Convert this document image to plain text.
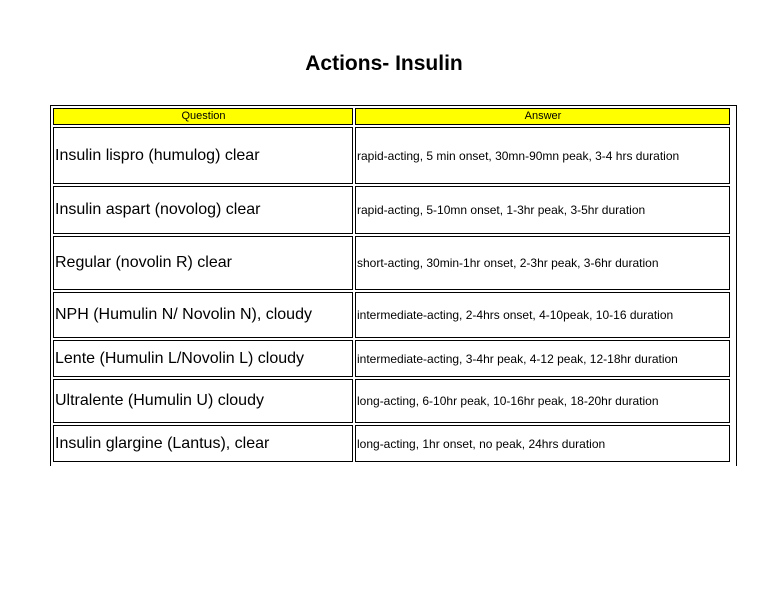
Actions- Insulin
Question	Answer
Insulin lispro (humulog) clear	rapid-acting, 5 min onset, 30mn-90mn peak, 3-4 hrs duration
Insulin aspart (novolog) clear	rapid-acting, 5-10mn onset, 1-3hr peak, 3-5hr duration
Regular (novolin R) clear	short-acting, 30min-1hr onset, 2-3hr peak, 3-6hr duration
NPH (Humulin N/ Novolin N), cloudy	intermediate-acting, 2-4hrs onset, 4-10peak, 10-16 duration
Lente (Humulin L/Novolin L) cloudy	intermediate-acting, 3-4hr peak, 4-12 peak, 12-18hr duration
Ultralente (Humulin U) cloudy	long-acting, 6-10hr peak, 10-16hr peak, 18-20hr duration
Insulin glargine (Lantus), clear	long-acting, 1hr onset, no peak, 24hrs duration
